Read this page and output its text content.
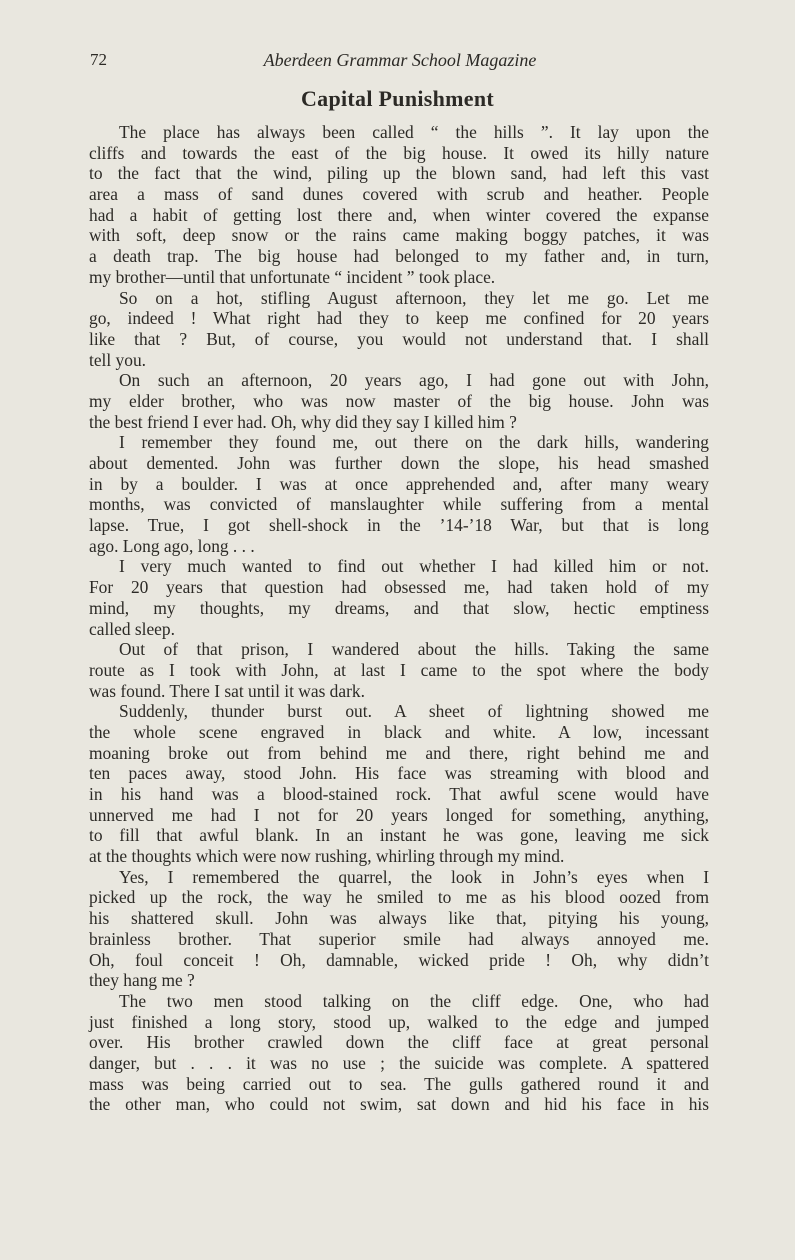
72	Aberdeen Grammar School Magazine
Capital Punishment
The place has always been called “ the hills ”. It lay upon the
cliffs and towards the east of the big house. It owed its hilly nature
to the fact that the wind, piling up the blown sand, had left this vast
area a mass of sand dunes covered with scrub and heather. People
had a habit of getting lost there and, when winter covered the expanse
with soft, deep snow or the rains came making boggy patches, it was
a death trap. The big house had belonged to my father and, in turn,
my brother—until that unfortunate “ incident ” took place.
So on a hot, stifling August afternoon, they let me go. Let me
go, indeed ! What right had they to keep me confined for 20 years
like that ? But, of course, you would not understand that. I shall
tell you.
On such an afternoon, 20 years ago, I had gone out with John,
my elder brother, who was now master of the big house. John was
the best friend I ever had. Oh, why did they say I killed him ?
I remember they found me, out there on the dark hills, wandering
about demented. John was further down the slope, his head smashed
in by a boulder. I was at once apprehended and, after many weary
months, was convicted of manslaughter while suffering from a mental
lapse. True, I got shell-shock in the ’14-’18 War, but that is long
ago. Long ago, long . . .
I very much wanted to find out whether I had killed him or not.
For 20 years that question had obsessed me, had taken hold of my
mind, my thoughts, my dreams, and that slow, hectic emptiness
called sleep.
Out of that prison, I wandered about the hills. Taking the same
route as I took with John, at last I came to the spot where the body
was found. There I sat until it was dark.
Suddenly, thunder burst out. A sheet of lightning showed me
the whole scene engraved in black and white. A low, incessant
moaning broke out from behind me and there, right behind me and
ten paces away, stood John. His face was streaming with blood and
in his hand was a blood-stained rock. That awful scene would have
unnerved me had I not for 20 years longed for something, anything,
to fill that awful blank. In an instant he was gone, leaving me sick
at the thoughts which were now rushing, whirling through my mind.
Yes, I remembered the quarrel, the look in John’s eyes when I
picked up the rock, the way he smiled to me as his blood oozed from
his shattered skull. John was always like that, pitying his young,
brainless brother. That superior smile had always annoyed me.
Oh, foul conceit ! Oh, damnable, wicked pride ! Oh, why didn’t
they hang me ?
The two men stood talking on the cliff edge. One, who had
just finished a long story, stood up, walked to the edge and jumped
over. His brother crawled down the cliff face at great personal
danger, but . . . it was no use ; the suicide was complete. A spattered
mass was being carried out to sea. The gulls gathered round it and
the other man, who could not swim, sat down and hid his face in his
